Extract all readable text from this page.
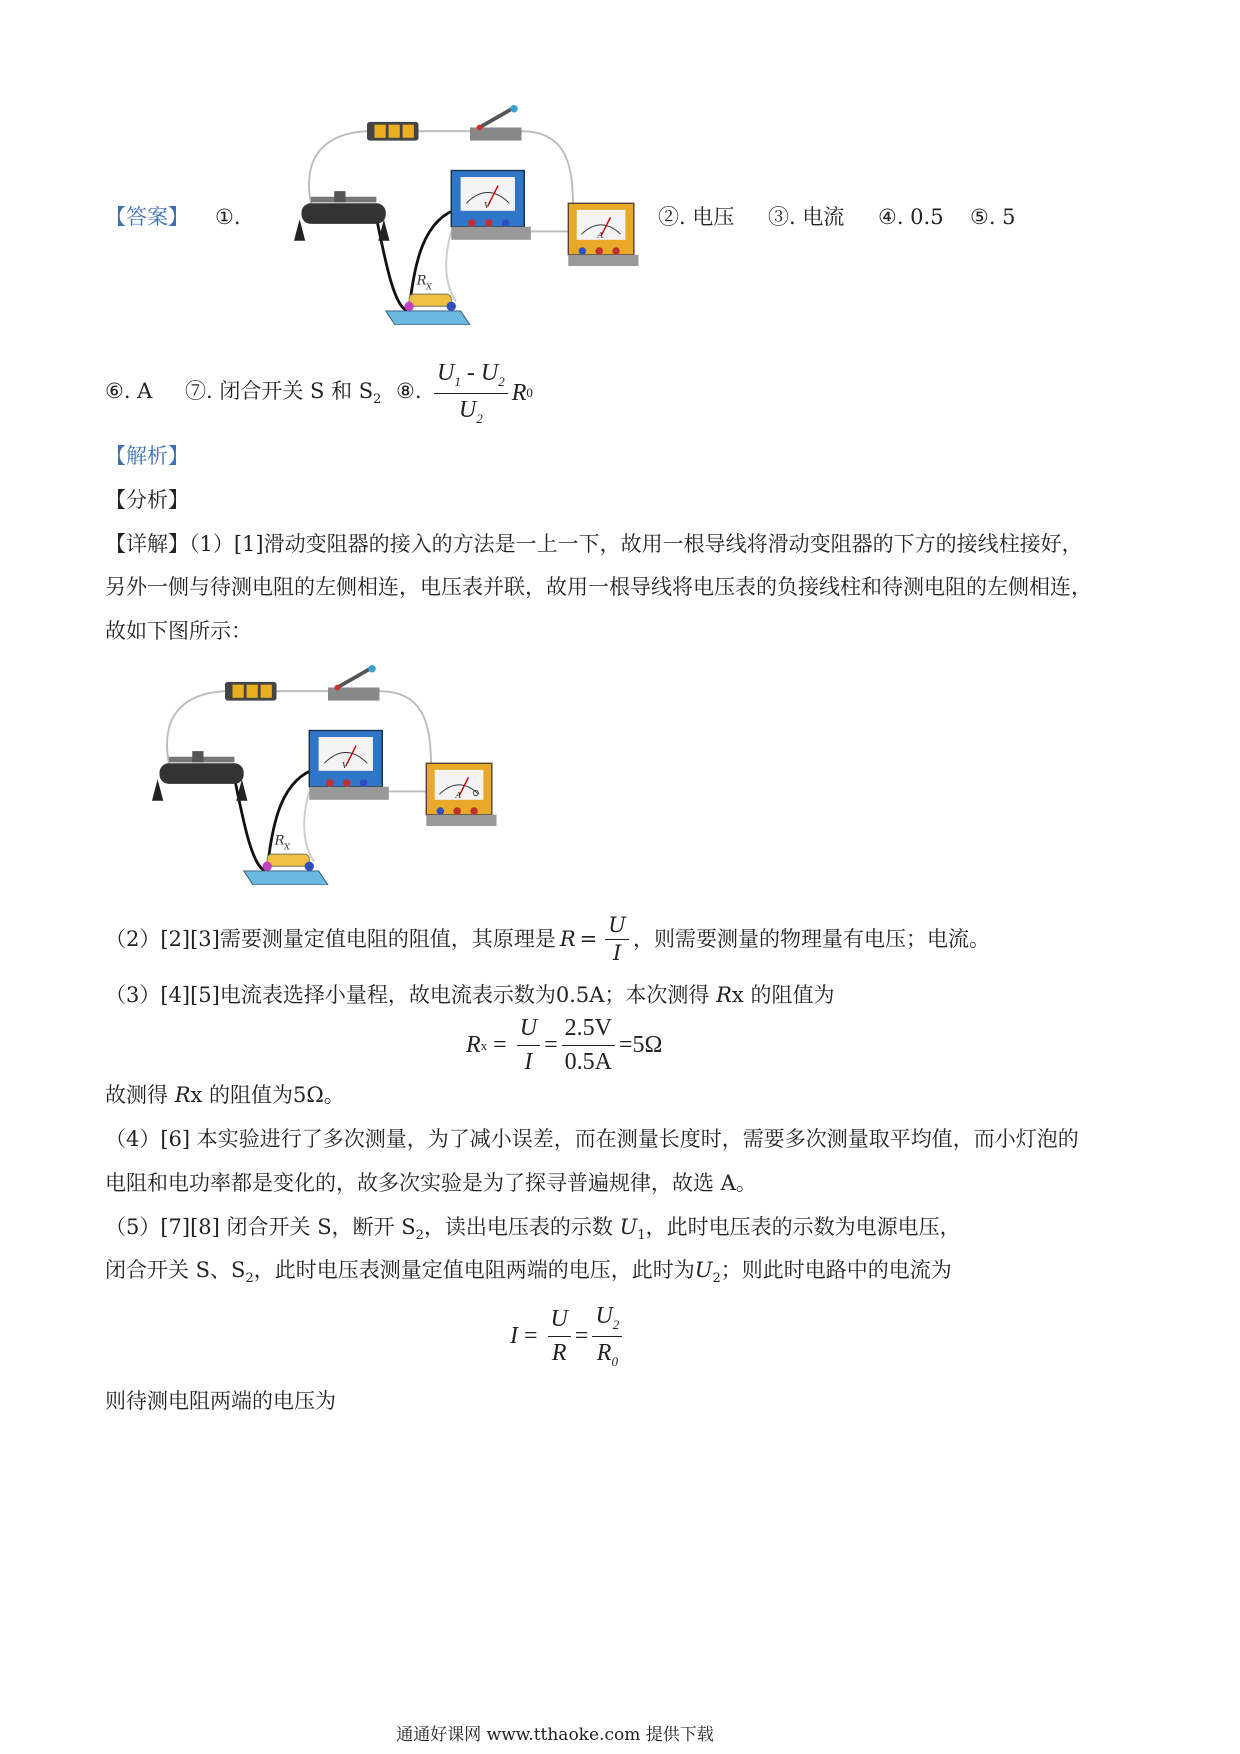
【答案】 ①.	②. 电压 ③. 电流 ④. 0.5 ⑤. 5
⑥. A ⑦. 闭合开关 S 和 $S_2$ ⑧. $\frac{U_1 - U_2}{U_2}$ R 0
【解析】
【分析】
【详解】（1）[1]滑动变阻器的接入的方法是一上一下，故用一根导线将滑动变阻器的下方的接线柱接好，
另外一侧与待测电阻的左侧相连，电压表并联，故用一根导线将电压表的负接线柱和待测电阻的左侧相连，
故如下图所示：
。
（2）[2][3]需要测量定值电阻的阻值，其原理是 $R = \frac{U}{I}$ ，则需要测量的物理量有电压；电流。
（3）[4][5]电流表选择小量程，故电流表示数为0.5A；本次测得 Rx 的阻值为
R $x = \frac{U}{I} = \frac{2.5V}{0.5A} =5\Omega$
故测得 Rx 的阻值为5Ω。
（4）[6] 本实验进行了多次测量，为了减小误差，而在测量长度时，需要多次测量取平均值，而小灯泡的
电阻和电功率都是变化的，故多次实验是为了探寻普遍规律，故选 A。
（5）[7][8] 闭合开关 S，断开 $S_2$，读出电压表的示数 $U_1$，此时电压表的示数为电源电压，
闭合开关 S、$S_2$，此时电压表测量定值电阻两端的电压，此时为$U_2$；则此时电路中的电流为
$I = \frac{U}{R} = \frac{U_2}{R_0}$
则待测电阻两端的电压为
通通好课网 www.tthaoke.com 提供下载
